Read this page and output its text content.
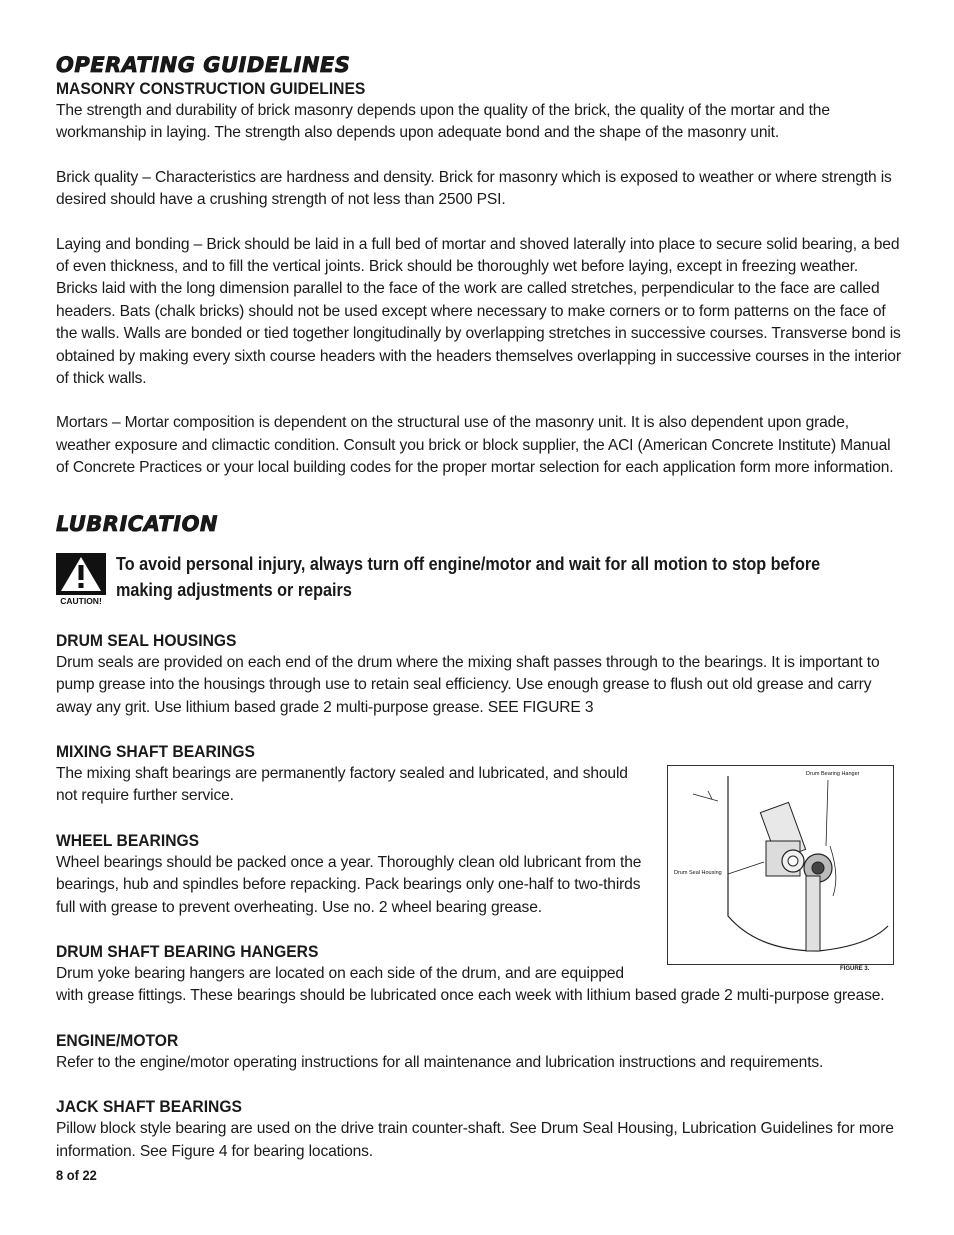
OPERATING GUIDELINES
MASONRY CONSTRUCTION GUIDELINES

The strength and durability of brick masonry depends upon the quality of the brick, the quality of the mortar and the workmanship in laying. The strength also depends upon adequate bond and the shape of the masonry unit.

Brick quality – Characteristics are hardness and density. Brick for masonry which is exposed to weather or where strength is desired should have a crushing strength of not less than 2500 PSI.

Laying and bonding – Brick should be laid in a full bed of mortar and shoved laterally into place to secure solid bearing, a bed of even thickness, and to fill the vertical joints. Brick should be thoroughly wet before laying, except in freezing weather. Bricks laid with the long dimension parallel to the face of the work are called stretches, perpendicular to the face are called headers. Bats (chalk bricks) should not be used except where necessary to make corners or to form patterns on the face of the walls. Walls are bonded or tied together longitudinally by overlapping stretches in successive courses. Transverse bond is obtained by making every sixth course headers with the headers themselves overlapping in successive courses in the interior of thick walls.

Mortars – Mortar composition is dependent on the structural use of the masonry unit. It is also dependent upon grade, weather exposure and climactic condition. Consult you brick or block supplier, the ACI (American Concrete Institute) Manual of Concrete Practices or your local building codes for the proper mortar selection for each application form more information.

LUBRICATION
CAUTION!
To avoid personal injury, always turn off engine/motor and wait for all motion to stop before making adjustments or repairs
DRUM SEAL HOUSINGS

Drum seals are provided on each end of the drum where the mixing shaft passes through to the bearings. It is important to pump grease into the housings through use to retain seal efficiency. Use enough grease to flush out old grease and carry away any grit. Use lithium based grade 2 multi-purpose grease. SEE FIGURE 3

MIXING SHAFT BEARINGS

The mixing shaft bearings are permanently factory sealed and lubricated, and should not require further service.

WHEEL BEARINGS

Wheel bearings should be packed once a year. Thoroughly clean old lubricant from the bearings, hub and spindles before repacking. Pack bearings only one-half to two-thirds full with grease to prevent overheating. Use no. 2 wheel bearing grease.

DRUM SHAFT BEARING HANGERS

Drum yoke bearing hangers are located on each side of the drum, and are equipped

with grease fittings. These bearings should be lubricated once each week with lithium based grade 2 multi-purpose grease.

ENGINE/MOTOR

Refer to the engine/motor operating instructions for all maintenance and lubrication instructions and requirements.

JACK SHAFT BEARINGS

Pillow block style bearing are used on the drive train counter-shaft. See Drum Seal Housing, Lubrication Guidelines for more information. See Figure 4 for bearing locations.

8 of 22
Drum Bearing Hanger
Drum Seal Housing
FIGURE 3.
